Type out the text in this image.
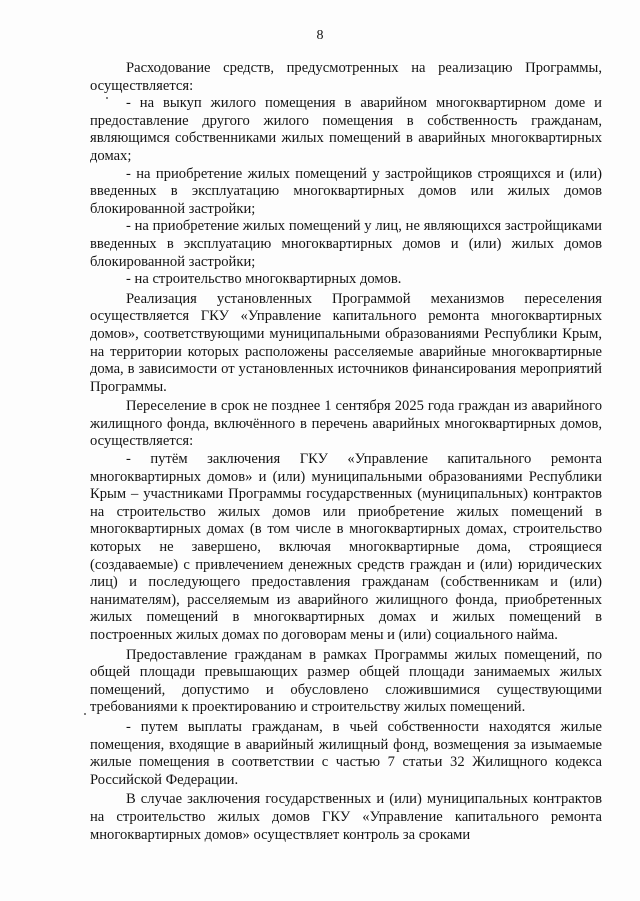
8

Расходование средств, предусмотренных на реализацию Программы, осуществляется:

- на выкуп жилого помещения в аварийном многоквартирном доме и предоставление другого жилого помещения в собственность гражданам, являющимся собственниками жилых помещений в аварийных многоквартирных домах;

- на приобретение жилых помещений у застройщиков строящихся и (или) введенных в эксплуатацию многоквартирных домов или жилых домов блокированной застройки;

- на приобретение жилых помещений у лиц, не являющихся застройщиками введенных в эксплуатацию многоквартирных домов и (или) жилых домов блокированной застройки;

- на строительство многоквартирных домов.

Реализация установленных Программой механизмов переселения осуществляется ГКУ «Управление капитального ремонта многоквартирных домов», соответствующими муниципальными образованиями Республики Крым, на территории которых расположены расселяемые аварийные многоквартирные дома, в зависимости от установленных источников финансирования мероприятий Программы.

Переселение в срок не позднее 1 сентября 2025 года граждан из аварийного жилищного фонда, включённого в перечень аварийных многоквартирных домов, осуществляется:

- путём заключения ГКУ «Управление капитального ремонта многоквартирных домов» и (или) муниципальными образованиями Республики Крым – участниками Программы государственных (муниципальных) контрактов на строительство жилых домов или приобретение жилых помещений в многоквартирных домах (в том числе в многоквартирных домах, строительство которых не завершено, включая многоквартирные дома, строящиеся (создаваемые) с привлечением денежных средств граждан и (или) юридических лиц) и последующего предоставления гражданам (собственникам и (или) нанимателям), расселяемым из аварийного жилищного фонда, приобретенных жилых помещений в многоквартирных домах и жилых помещений в построенных жилых домах по договорам мены и (или) социального найма.

Предоставление гражданам в рамках Программы жилых помещений, по общей площади превышающих размер общей площади занимаемых жилых помещений, допустимо и обусловлено сложившимися существующими требованиями к проектированию и строительству жилых помещений.

- путем выплаты гражданам, в чьей собственности находятся жилые помещения, входящие в аварийный жилищный фонд, возмещения за изымаемые жилые помещения в соответствии с частью 7 статьи 32 Жилищного кодекса Российской Федерации.

В случае заключения государственных и (или) муниципальных контрактов на строительство жилых домов ГКУ «Управление капитального ремонта многоквартирных домов» осуществляет контроль за сроками
